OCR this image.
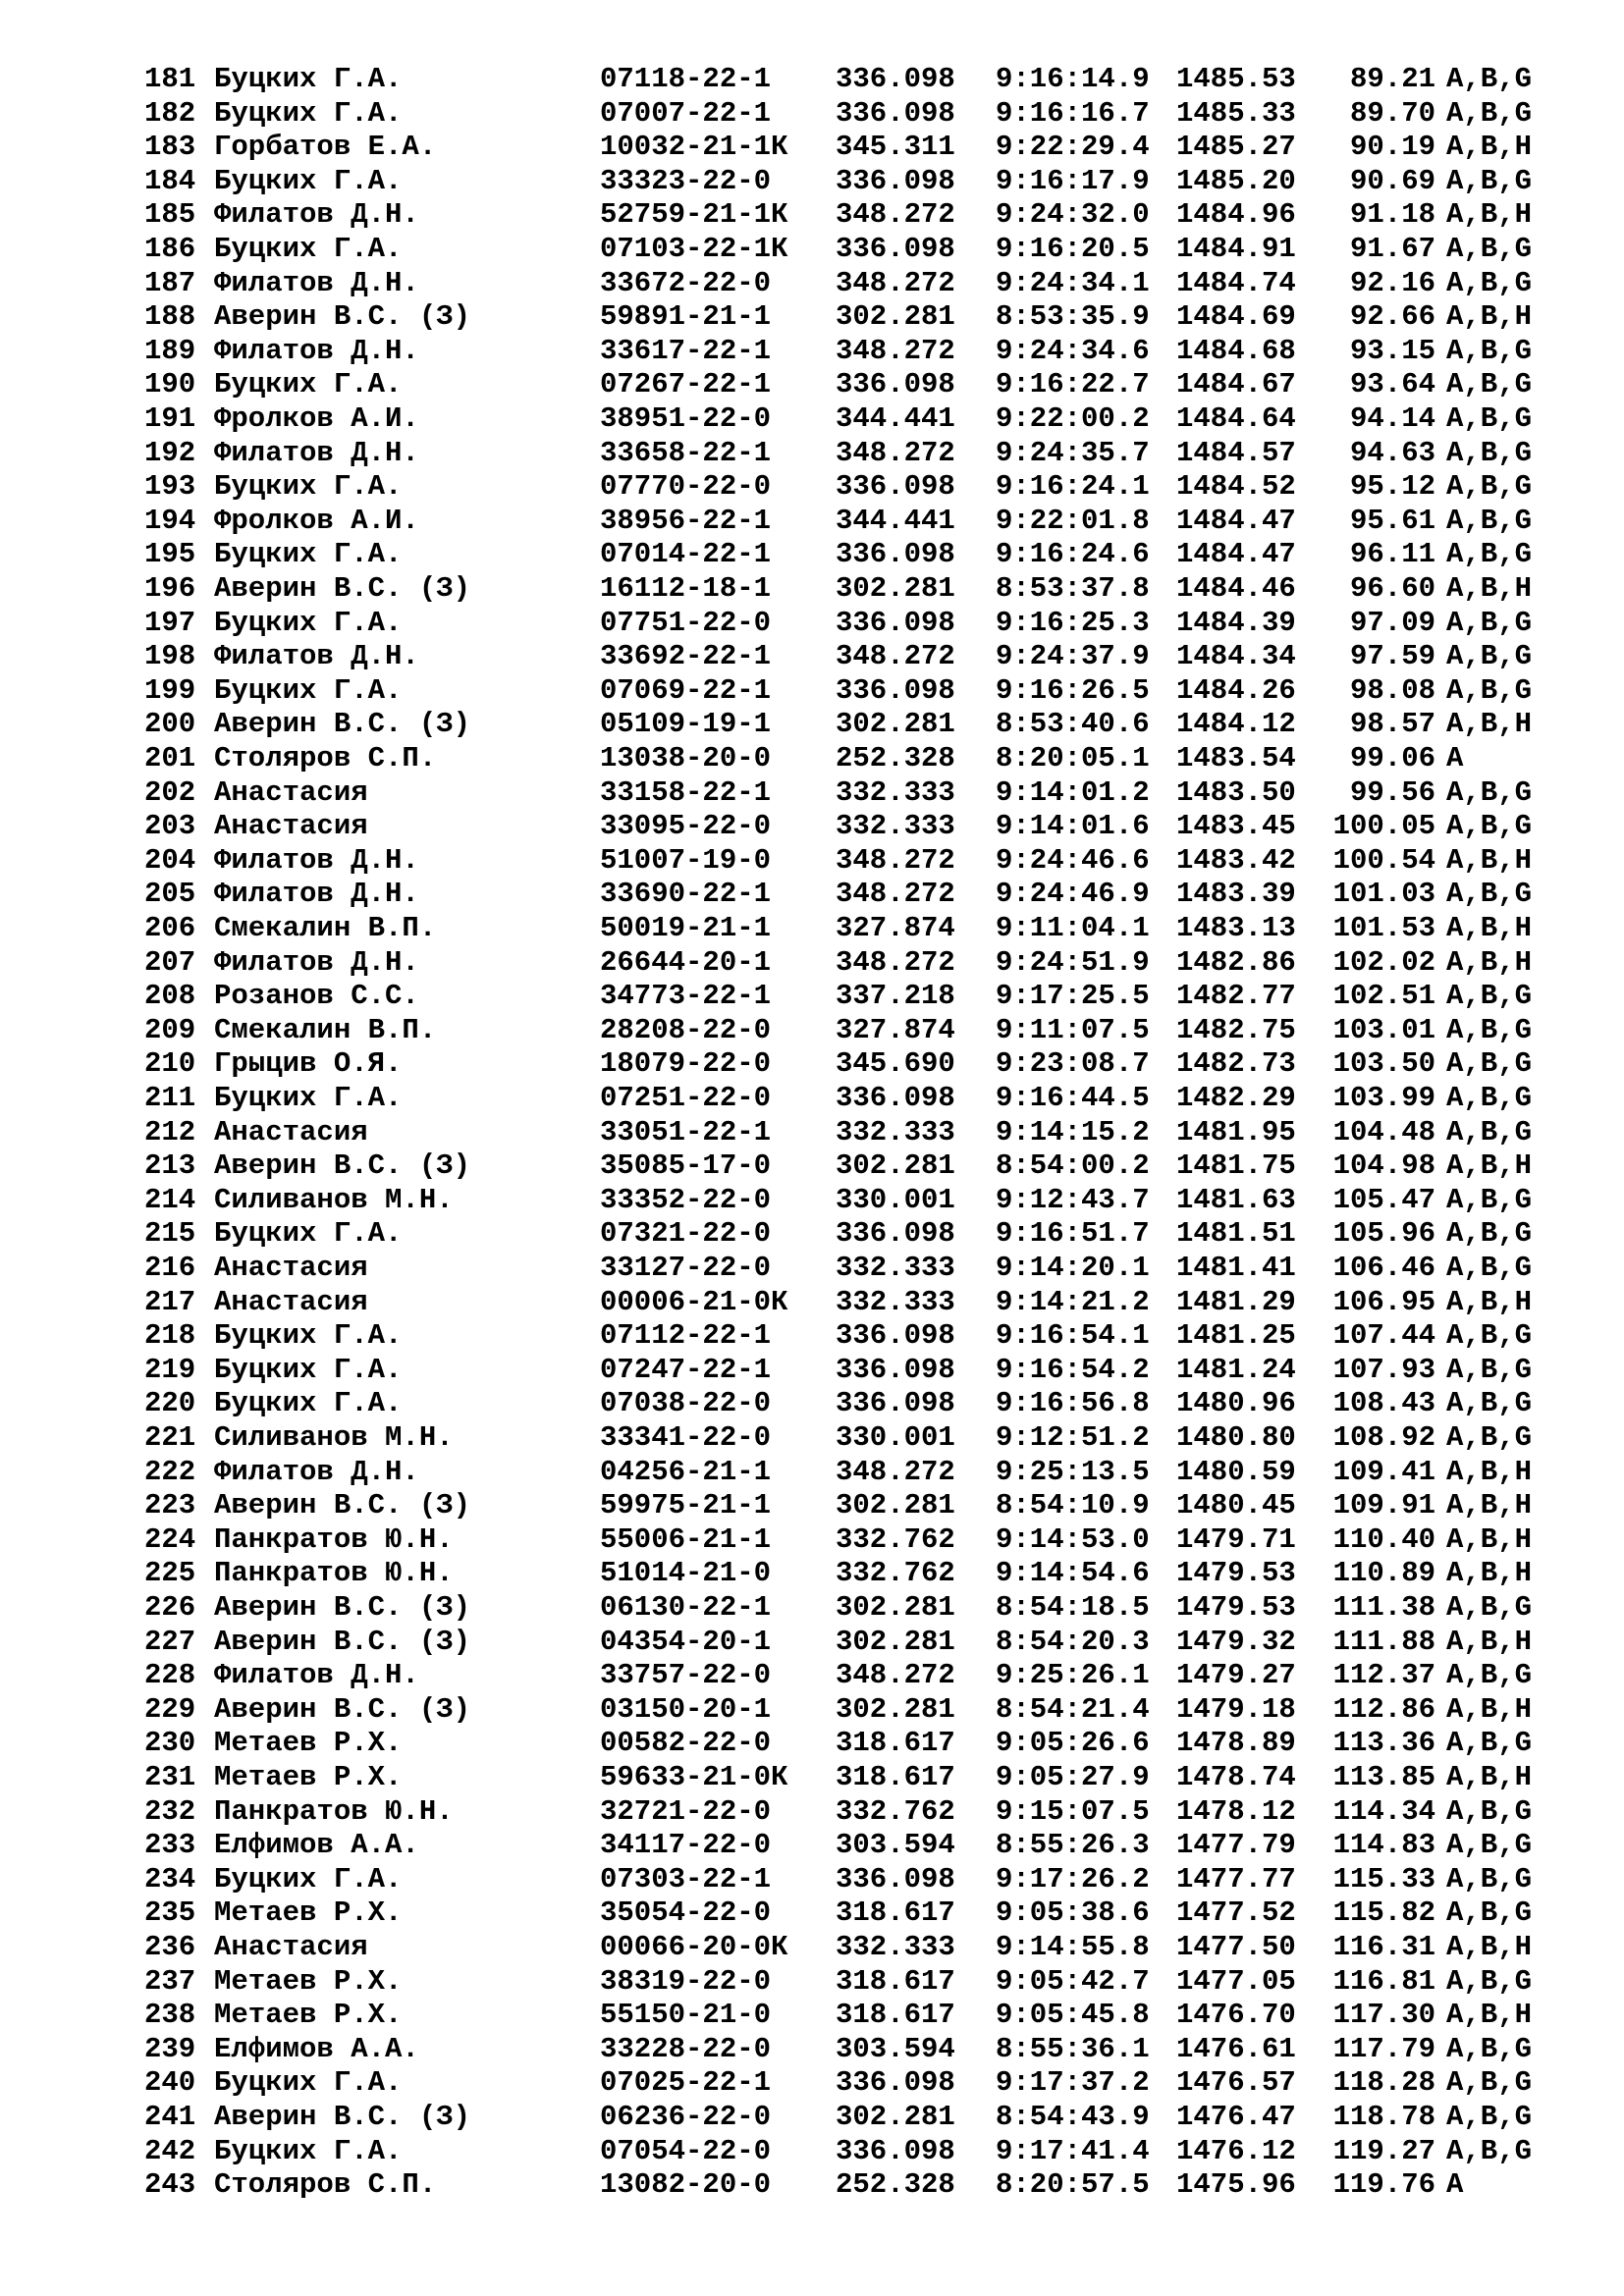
181 Буцких Г.А.	07118-22-1 336.098 9:16:14.9 1485.53	89.21 A,B,G
182 Буцких Г.А.	07007-22-1 336.098 9:16:16.7 1485.33	89.70 A,B,G
183 Горбатов Е.А.	10032-21-1К 345.311 9:22:29.4 1485.27	90.19 A,B,H
184 Буцких Г.А.	33323-22-0 336.098 9:16:17.9 1485.20	90.69 A,B,G
185 Филатов Д.Н.	52759-21-1К 348.272 9:24:32.0 1484.96	91.18 A,B,H
186 Буцких Г.А.	07103-22-1К 336.098 9:16:20.5 1484.91	91.67 A,B,G
187 Филатов Д.Н.	33672-22-0 348.272 9:24:34.1 1484.74	92.16 A,B,G
188 Аверин В.С. (З)	59891-21-1 302.281 8:53:35.9 1484.69	92.66 A,B,H
189 Филатов Д.Н.	33617-22-1 348.272 9:24:34.6 1484.68	93.15 A,B,G
190 Буцких Г.А.	07267-22-1 336.098 9:16:22.7 1484.67	93.64 A,B,G
191 Фролков А.И.	38951-22-0 344.441 9:22:00.2 1484.64	94.14 A,B,G
192 Филатов Д.Н.	33658-22-1 348.272 9:24:35.7 1484.57	94.63 A,B,G
193 Буцких Г.А.	07770-22-0 336.098 9:16:24.1 1484.52	95.12 A,B,G
194 Фролков А.И.	38956-22-1 344.441 9:22:01.8 1484.47	95.61 A,B,G
195 Буцких Г.А.	07014-22-1 336.098 9:16:24.6 1484.47	96.11 A,B,G
196 Аверин В.С. (З)	16112-18-1 302.281 8:53:37.8 1484.46	96.60 A,B,H
197 Буцких Г.А.	07751-22-0 336.098 9:16:25.3 1484.39	97.09 A,B,G
198 Филатов Д.Н.	33692-22-1 348.272 9:24:37.9 1484.34	97.59 A,B,G
199 Буцких Г.А.	07069-22-1 336.098 9:16:26.5 1484.26	98.08 A,B,G
200 Аверин В.С. (З)	05109-19-1 302.281 8:53:40.6 1484.12	98.57 A,B,H
201 Столяров С.П.	13038-20-0 252.328 8:20:05.1 1483.54	99.06 A
202 Анастасия	33158-22-1 332.333 9:14:01.2 1483.50	99.56 A,B,G
203 Анастасия	33095-22-0 332.333 9:14:01.6 1483.45 100.05 A,B,G
204 Филатов Д.Н.	51007-19-0 348.272 9:24:46.6 1483.42 100.54 A,B,H
205 Филатов Д.Н.	33690-22-1 348.272 9:24:46.9 1483.39 101.03 A,B,G
206 Смекалин В.П.	50019-21-1 327.874 9:11:04.1 1483.13 101.53 A,B,H
207 Филатов Д.Н.	26644-20-1 348.272 9:24:51.9 1482.86 102.02 A,B,H
208 Розанов С.С.	34773-22-1 337.218 9:17:25.5 1482.77 102.51 A,B,G
209 Смекалин В.П.	28208-22-0 327.874 9:11:07.5 1482.75 103.01 A,B,G
210 Грыцив О.Я.	18079-22-0 345.690 9:23:08.7 1482.73 103.50 A,B,G
211 Буцких Г.А.	07251-22-0 336.098 9:16:44.5 1482.29 103.99 A,B,G
212 Анастасия	33051-22-1 332.333 9:14:15.2 1481.95 104.48 A,B,G
213 Аверин В.С. (З)	35085-17-0 302.281 8:54:00.2 1481.75 104.98 A,B,H
214 Силиванов М.Н.	33352-22-0 330.001 9:12:43.7 1481.63 105.47 A,B,G
215 Буцких Г.А.	07321-22-0 336.098 9:16:51.7 1481.51 105.96 A,B,G
216 Анастасия	33127-22-0 332.333 9:14:20.1 1481.41 106.46 A,B,G
217 Анастасия	00006-21-0К 332.333 9:14:21.2 1481.29 106.95 A,B,H
218 Буцких Г.А.	07112-22-1 336.098 9:16:54.1 1481.25 107.44 A,B,G
219 Буцких Г.А.	07247-22-1 336.098 9:16:54.2 1481.24 107.93 A,B,G
220 Буцких Г.А.	07038-22-0 336.098 9:16:56.8 1480.96 108.43 A,B,G
221 Силиванов М.Н.	33341-22-0 330.001 9:12:51.2 1480.80 108.92 A,B,G
222 Филатов Д.Н.	04256-21-1 348.272 9:25:13.5 1480.59 109.41 A,B,H
223 Аверин В.С. (З)	59975-21-1 302.281 8:54:10.9 1480.45 109.91 A,B,H
224 Панкратов Ю.Н.	55006-21-1 332.762 9:14:53.0 1479.71 110.40 A,B,H
225 Панкратов Ю.Н.	51014-21-0 332.762 9:14:54.6 1479.53 110.89 A,B,H
226 Аверин В.С. (З)	06130-22-1 302.281 8:54:18.5 1479.53 111.38 A,B,G
227 Аверин В.С. (З)	04354-20-1 302.281 8:54:20.3 1479.32 111.88 A,B,H
228 Филатов Д.Н.	33757-22-0 348.272 9:25:26.1 1479.27 112.37 A,B,G
229 Аверин В.С. (З)	03150-20-1 302.281 8:54:21.4 1479.18 112.86 A,B,H
230 Метаев Р.Х.	00582-22-0 318.617 9:05:26.6 1478.89 113.36 A,B,G
231 Метаев Р.Х.	59633-21-0К 318.617 9:05:27.9 1478.74 113.85 A,B,H
232 Панкратов Ю.Н.	32721-22-0 332.762 9:15:07.5 1478.12 114.34 A,B,G
233 Елфимов А.А.	34117-22-0 303.594 8:55:26.3 1477.79 114.83 A,B,G
234 Буцких Г.А.	07303-22-1 336.098 9:17:26.2 1477.77 115.33 A,B,G
235 Метаев Р.Х.	35054-22-0 318.617 9:05:38.6 1477.52 115.82 A,B,G
236 Анастасия	00066-20-0К 332.333 9:14:55.8 1477.50 116.31 A,B,H
237 Метаев Р.Х.	38319-22-0 318.617 9:05:42.7 1477.05 116.81 A,B,G
238 Метаев Р.Х.	55150-21-0 318.617 9:05:45.8 1476.70 117.30 A,B,H
239 Елфимов А.А.	33228-22-0 303.594 8:55:36.1 1476.61 117.79 A,B,G
240 Буцких Г.А.	07025-22-1 336.098 9:17:37.2 1476.57 118.28 A,B,G
241 Аверин В.С. (З)	06236-22-0 302.281 8:54:43.9 1476.47 118.78 A,B,G
242 Буцких Г.А.	07054-22-0 336.098 9:17:41.4 1476.12 119.27 A,B,G
243 Столяров С.П.	13082-20-0 252.328 8:20:57.5 1475.96 119.76 A
